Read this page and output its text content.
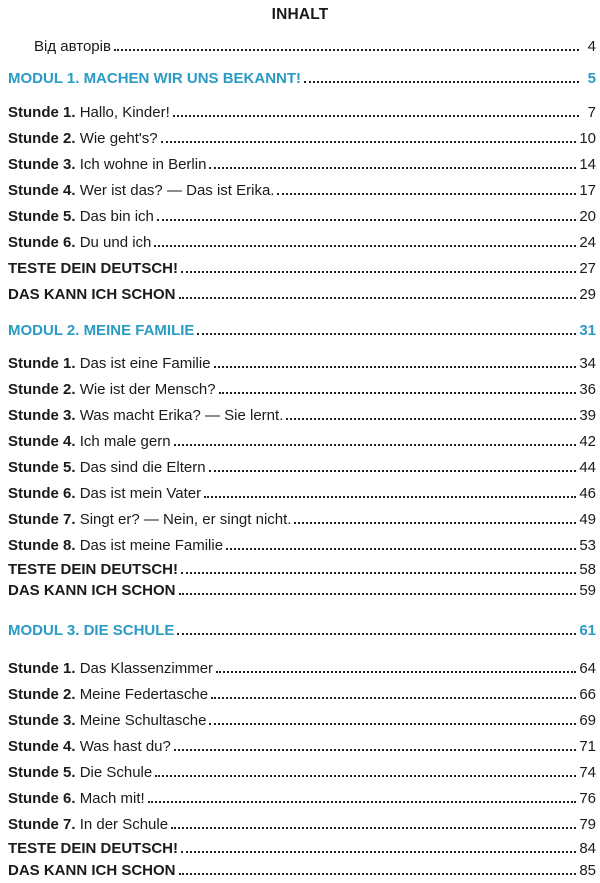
INHALT
Від авторів	4
MODUL 1. MACHEN WIR UNS BEKANNT!	5
Stunde 1. Hallo, Kinder!	7
Stunde 2. Wie geht's?	10
Stunde 3. Ich wohne in Berlin	14
Stunde 4. Wer ist das? — Das ist Erika.	17
Stunde 5. Das bin ich	20
Stunde 6. Du und ich	24
TESTE DEIN DEUTSCH!	27
DAS KANN ICH SCHON	29
MODUL 2. MEINE FAMILIE	31
Stunde 1. Das ist eine Familie	34
Stunde 2. Wie ist der Mensch?	36
Stunde 3. Was macht Erika? — Sie lernt.	39
Stunde 4. Ich male gern	42
Stunde 5. Das sind die Eltern	44
Stunde 6. Das ist mein Vater	46
Stunde 7. Singt er? — Nein, er singt nicht.	49
Stunde 8. Das ist meine Familie	53
TESTE DEIN DEUTSCH!	58
DAS KANN ICH SCHON	59
MODUL 3. DIE SCHULE	61
Stunde 1. Das Klassenzimmer	64
Stunde 2. Meine Federtasche	66
Stunde 3. Meine Schultasche	69
Stunde 4. Was hast du?	71
Stunde 5. Die Schule	74
Stunde 6. Mach mit!	76
Stunde 7. In der Schule	79
TESTE DEIN DEUTSCH!	84
DAS KANN ICH SCHON	85
